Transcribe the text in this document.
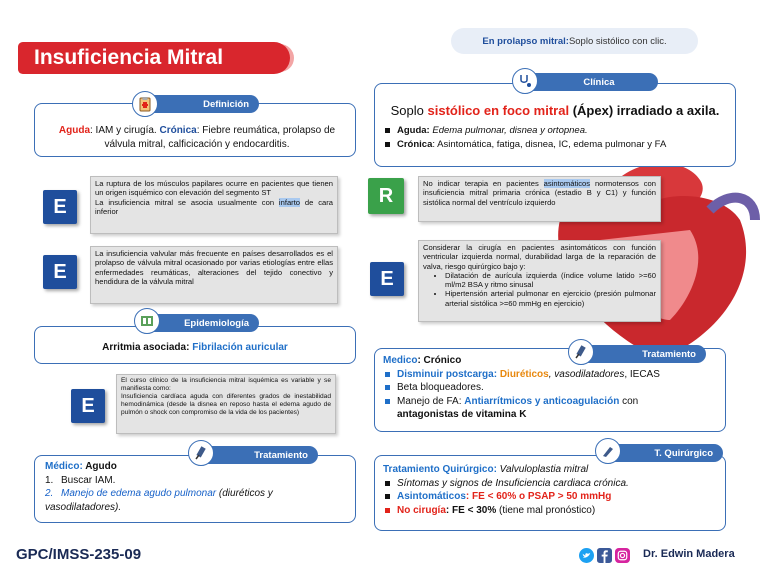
Insuficiencia Mitral
En prolapso mitral: Soplo sistólico con clic.
Aguda: IAM y cirugía. Crónica: Fiebre reumática, prolapso de válvula mitral, calficicación y endocarditis.
Definición
E
La ruptura de los músculos papilares ocurre en pacientes que tienen un origen isquémico con elevación del segmento ST
La insuficiencia mitral se asocia usualmente con infarto de cara inferior
E
La insuficiencia valvular más frecuente en países desarrollados es el prolapso de válvula mitral ocasionado por varias etiologías entre ellas enfermedades reumáticas, alteraciones del tejido conectivo y hendidura de la válvula mitral
Arritmia asociada: Fibrilación auricular
Epidemiología
E
El curso clínico de la insuficiencia mitral isquémica es variable y se manifiesta como:
Insuficiencia cardíaca aguda con diferentes grados de inestabilidad hemodinámica (desde la disnea en reposo hasta el edema agudo de pulmón o shock con compromiso de la vida de los pacientes)
Médico: Agudo
1. Buscar IAM.
2. Manejo de edema agudo pulmonar (diuréticos y vasodilatadores).
Tratamiento
Soplo sistólico en foco mitral (Ápex) irradiado a axila.
Aguda: Edema pulmonar, disnea y ortopnea.
Crónica: Asintomática, fatiga, disnea, IC, edema pulmonar y FA
Clínica
R
No indicar terapia en pacientes asintomáticos normotensos con insuficiencia mitral primaria crónica (estadio B y C1) y función sistólica normal del ventrículo izquierdo
E
Considerar la cirugía en pacientes asintomáticos con función ventricular izquierda normal, durabilidad larga de la reparación de valva, riesgo quirúrgico bajo y:
• Dilatación de aurícula izquierda (índice volume latido >=60 ml/m2 BSA y ritmo sinusal
• Hipertensión arterial pulmonar en ejercicio (presión pulmonar arterial sistólica >=60 mmHg en ejercicio)
Medico: Crónico
Disminuir postcarga: Diuréticos, vasodilatadores, IECAS
Beta bloqueadores.
Manejo de FA: Antiarrítmicos y anticoagulación con
antagonistas de vitamina K
Tratamiento
Tratamiento Quirúrgico: Valvuloplastia mitral
Síntomas y signos de Insuficiencia cardiaca crónica.
Asintomáticos: FE < 60% o PSAP > 50 mmHg
No cirugía: FE < 30% (tiene mal pronóstico)
T. Quirúrgico
GPC/IMSS-235-09	Dr. Edwin Madera
